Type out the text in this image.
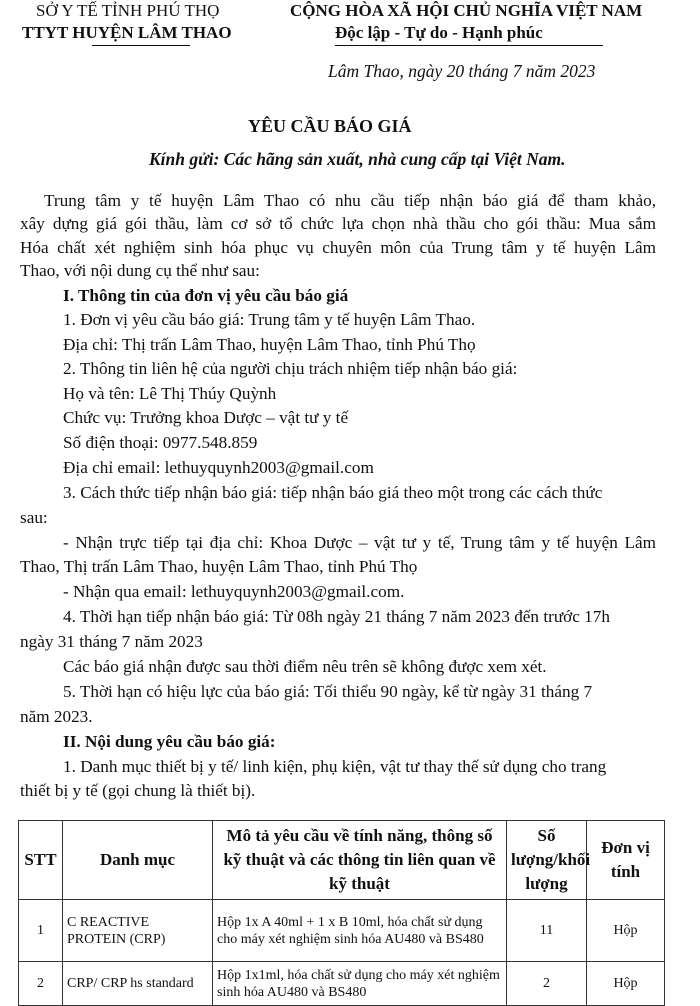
SỞ Y TẾ TỈNH PHÚ THỌ
TTYT HUYỆN LÂM THAO
CỘNG HÒA XÃ HỘI CHỦ NGHĨA VIỆT NAM
Độc lập - Tự do - Hạnh phúc
Lâm Thao, ngày 20 tháng 7 năm 2023
YÊU CẦU BÁO GIÁ
Kính gửi: Các hãng sản xuất, nhà cung cấp tại Việt Nam.
Trung tâm y tế huyện Lâm Thao có nhu cầu tiếp nhận báo giá để tham khảo,
xây dựng giá gói thầu, làm cơ sở tổ chức lựa chọn nhà thầu cho gói thầu: Mua sắm
Hóa chất xét nghiệm sinh hóa phục vụ chuyên môn của Trung tâm y tế huyện Lâm
Thao, với nội dung cụ thể như sau:
I. Thông tin của đơn vị yêu cầu báo giá
1. Đơn vị yêu cầu báo giá: Trung tâm y tế huyện Lâm Thao.
Địa chỉ: Thị trấn Lâm Thao, huyện Lâm Thao, tỉnh Phú Thọ
2. Thông tin liên hệ của người chịu trách nhiệm tiếp nhận báo giá:
Họ và tên: Lê Thị Thúy Quỳnh
Chức vụ: Trưởng khoa Dược – vật tư y tế
Số điện thoại: 0977.548.859
Địa chỉ email: lethuyquynh2003@gmail.com
3. Cách thức tiếp nhận báo giá: tiếp nhận báo giá theo một trong các cách thức
sau:
- Nhận trực tiếp tại địa chỉ: Khoa Dược – vật tư y tế, Trung tâm y tế huyện Lâm
Thao, Thị trấn Lâm Thao, huyện Lâm Thao, tỉnh Phú Thọ
- Nhận qua email: lethuyquynh2003@gmail.com.
4. Thời hạn tiếp nhận báo giá: Từ 08h ngày 21 tháng 7 năm 2023 đến trước 17h
ngày 31 tháng 7 năm 2023
Các báo giá nhận được sau thời điểm nêu trên sẽ không được xem xét.
5. Thời hạn có hiệu lực của báo giá: Tối thiểu 90 ngày, kể từ ngày 31 tháng 7
năm 2023.
II. Nội dung yêu cầu báo giá:
1. Danh mục thiết bị y tế/ linh kiện, phụ kiện, vật tư thay thế sử dụng cho trang
thiết bị y tế (gọi chung là thiết bị).
STT	Danh mục	Mô tả yêu cầu về tính năng, thông số kỹ thuật và các thông tin liên quan về kỹ thuật	Số lượng/khối lượng	Đơn vị tính
1	C REACTIVE PROTEIN (CRP)	Hộp 1x A 40ml + 1 x B 10ml, hóa chất sử dụng cho máy xét nghiệm sinh hóa AU480 và BS480	11	Hộp
2	CRP/ CRP hs standard	Hộp 1x1ml, hóa chất sử dụng cho máy xét nghiệm sinh hóa AU480 và BS480	2	Hộp
